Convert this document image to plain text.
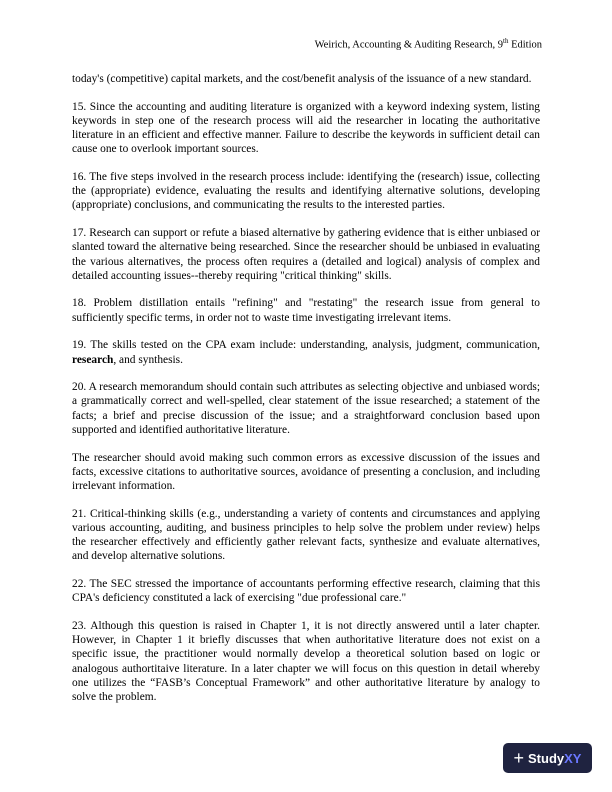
Weirich, Accounting & Auditing Research, 9th Edition

today's (competitive) capital markets, and the cost/benefit analysis of the issuance of a new standard.

15. Since the accounting and auditing literature is organized with a keyword indexing system, listing keywords in step one of the research process will aid the researcher in locating the authoritative literature in an efficient and effective manner. Failure to describe the keywords in sufficient detail can cause one to overlook important sources.

16. The five steps involved in the research process include: identifying the (research) issue, collecting the (appropriate) evidence, evaluating the results and identifying alternative solutions, developing (appropriate) conclusions, and communicating the results to the interested parties.

17. Research can support or refute a biased alternative by gathering evidence that is either unbiased or slanted toward the alternative being researched. Since the researcher should be unbiased in evaluating the various alternatives, the process often requires a (detailed and logical) analysis of complex and detailed accounting issues--thereby requiring "critical thinking" skills.

18. Problem distillation entails "refining" and "restating" the research issue from general to sufficiently specific terms, in order not to waste time investigating irrelevant items.

19. The skills tested on the CPA exam include: understanding, analysis, judgment, communication, research, and synthesis.

20. A research memorandum should contain such attributes as selecting objective and unbiased words; a grammatically correct and well-spelled, clear statement of the issue researched; a statement of the facts; a brief and precise discussion of the issue; and a straightforward conclusion based upon supported and identified authoritative literature.

The researcher should avoid making such common errors as excessive discussion of the issues and facts, excessive citations to authoritative sources, avoidance of presenting a conclusion, and including irrelevant information.

21. Critical-thinking skills (e.g., understanding a variety of contents and circumstances and applying various accounting, auditing, and business principles to help solve the problem under review) helps the researcher effectively and efficiently gather relevant facts, synthesize and evaluate alternatives, and develop alternative solutions.

22. The SEC stressed the importance of accountants performing effective research, claiming that this CPA's deficiency constituted a lack of exercising "due professional care."

23. Although this question is raised in Chapter 1, it is not directly answered until a later chapter. However, in Chapter 1 it briefly discusses that when authoritative literature does not exist on a specific issue, the practitioner would normally develop a theoretical solution based on logic or analogous authortitaive literature. In a later chapter we will focus on this question in detail whereby one utilizes the “FASB’s Conceptual Framework” and other authoritative literature by analogy to solve the problem.

+ Study XY
